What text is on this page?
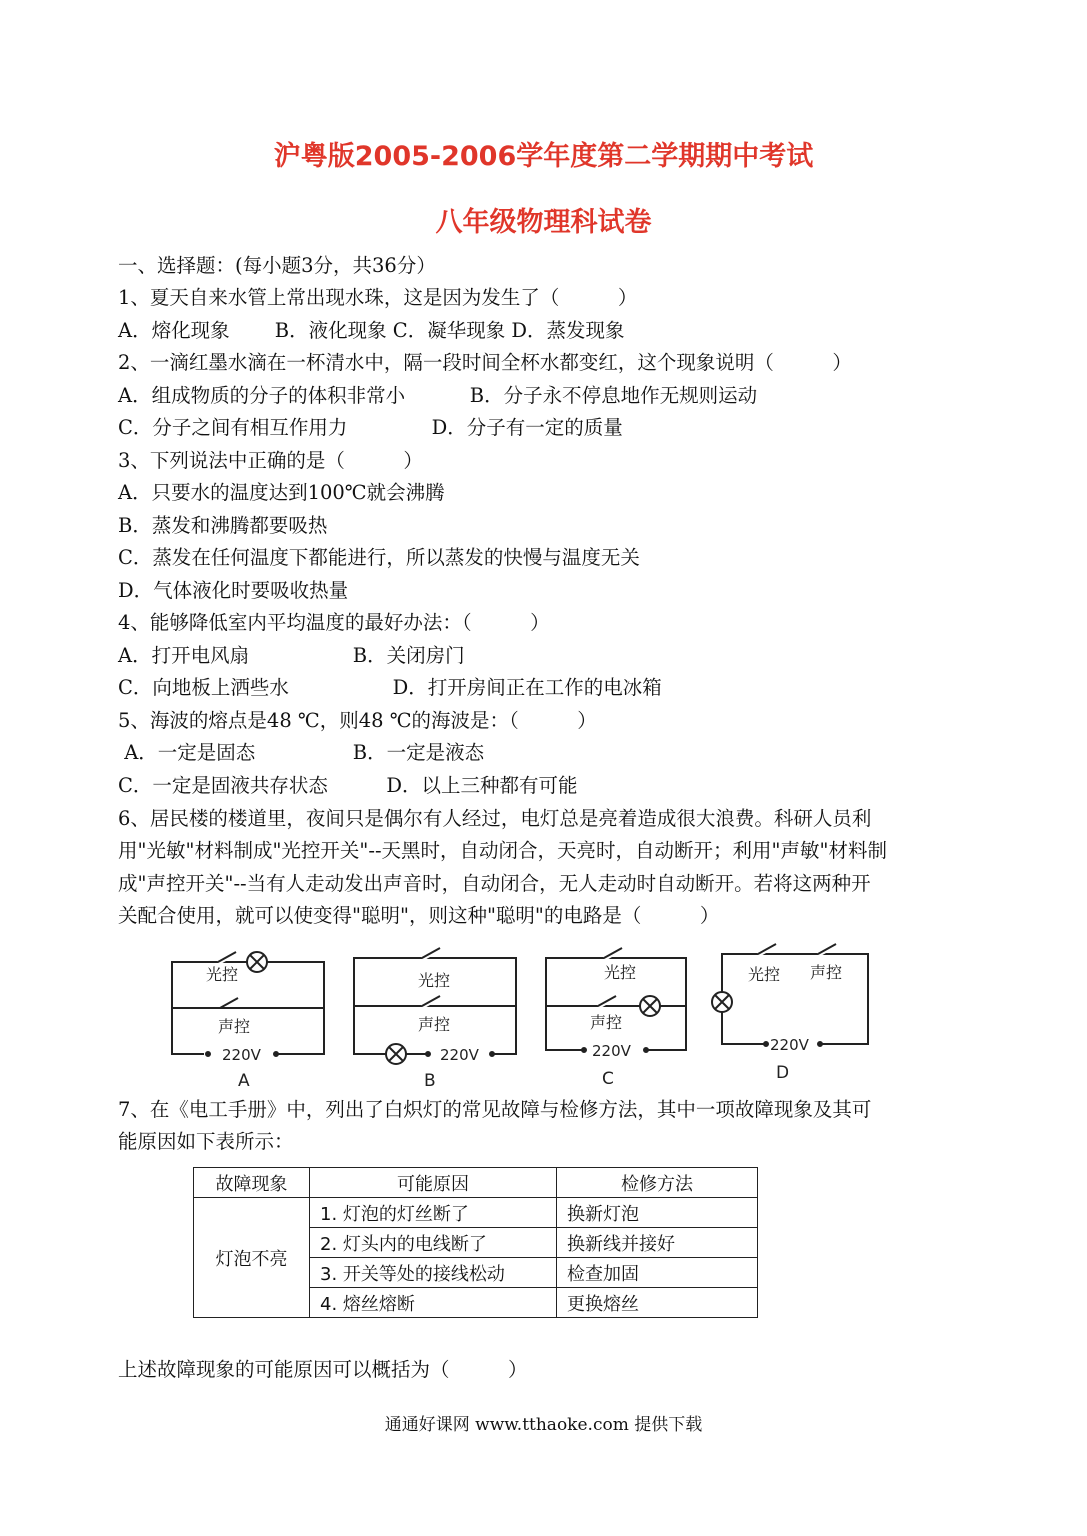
沪粤版2005-2006学年度第二学期期中考试
八年级物理科试卷
一、选择题：(每小题3分，共36分）
1、夏天自来水管上常出现水珠，这是因为发生了（　　　）
A．熔化现象　　 B．液化现象 C．凝华现象 D．蒸发现象
2、一滴红墨水滴在一杯清水中，隔一段时间全杯水都变红，这个现象说明（　　　）
A．组成物质的分子的体积非常小　　　 B．分子永不停息地作无规则运动
C．分子之间有相互作用力　　　　 D．分子有一定的质量
3、下列说法中正确的是（　　　）
A．只要水的温度达到100℃就会沸腾
B．蒸发和沸腾都要吸热
C．蒸发在任何温度下都能进行，所以蒸发的快慢与温度无关
D．气体液化时要吸收热量
4、能够降低室内平均温度的最好办法：（　　　）
A．打开电风扇　　　　　 B．关闭房门
C．向地板上洒些水　　　　　 D．打开房间正在工作的电冰箱
5、海波的熔点是48 ℃，则48 ℃的海波是：（　　　）
A．一定是固态　　　　　B．一定是液态
C．一定是固液共存状态　　　D．以上三种都有可能
6、居民楼的楼道里，夜间只是偶尔有人经过，电灯总是亮着造成很大浪费。科研人员利
用"光敏"材料制成"光控开关"--天黑时，自动闭合，天亮时，自动断开；利用"声敏"材料制
成"声控开关"--当有人走动发出声音时，自动闭合，无人走动时自动断开。若将这两种开
关配合使用，就可以使变得"聪明"，则这种"聪明"的电路是（　　　）
光控
声控
220V
A
光控
声控
220V
B
光控
声控
220V
C
光控 声控
220V
D
7、在《电工手册》中，列出了白炽灯的常见故障与检修方法，其中一项故障现象及其可
能原因如下表所示：
故障现象	可能原因	检修方法
灯泡不亮	1. 灯泡的灯丝断了	换新灯泡
	2. 灯头内的电线断了	换新线并接好
	3. 开关等处的接线松动	检查加固
	4. 熔丝熔断	更换熔丝
上述故障现象的可能原因可以概括为（　　　）
通通好课网 www.tthaoke.com 提供下载
